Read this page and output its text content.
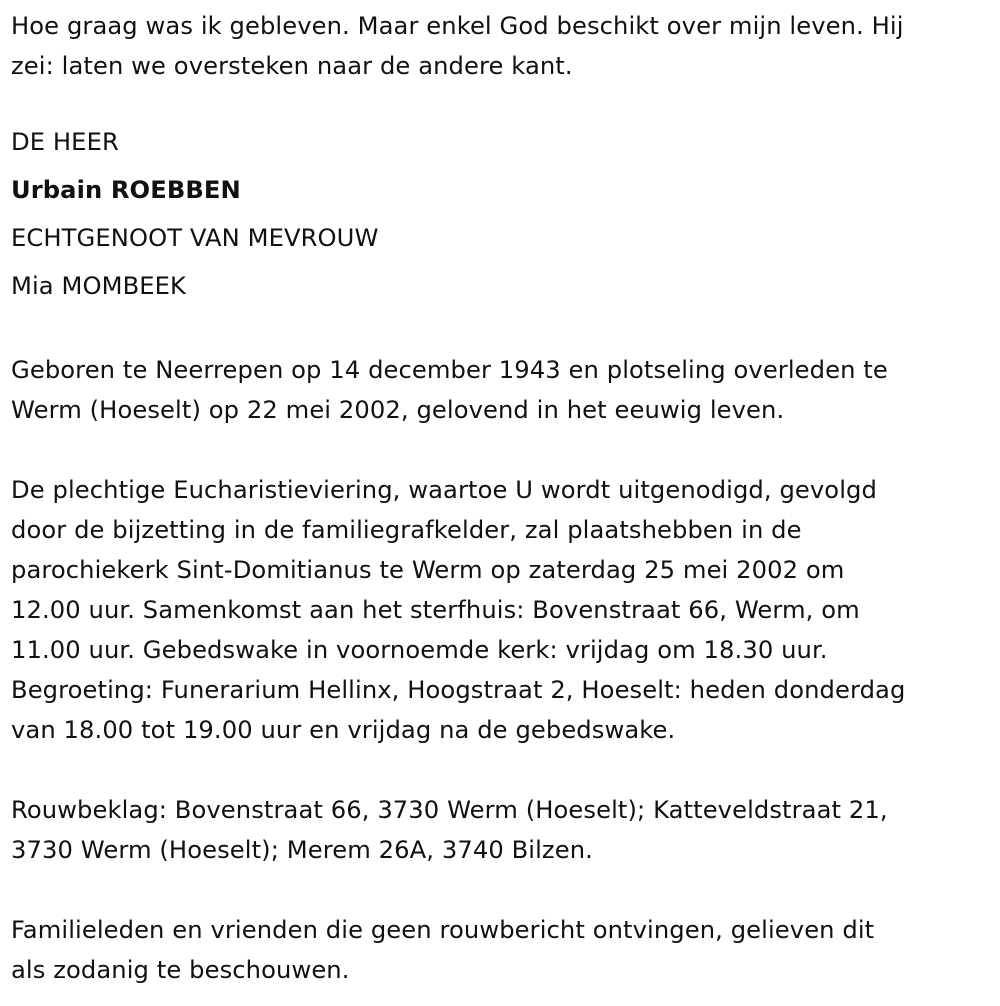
Hoe graag was ik gebleven. Maar enkel God beschikt over mijn leven. Hij
zei: laten we oversteken naar de andere kant.

DE HEER
Urbain ROEBBEN
ECHTGENOOT VAN MEVROUW
Mia MOMBEEK

Geboren te Neerrepen op 14 december 1943 en plotseling overleden te
Werm (Hoeselt) op 22 mei 2002, gelovend in het eeuwig leven.

De plechtige Eucharistieviering, waartoe U wordt uitgenodigd, gevolgd
door de bijzetting in de familiegrafkelder, zal plaatshebben in de
parochiekerk Sint-Domitianus te Werm op zaterdag 25 mei 2002 om
12.00 uur. Samenkomst aan het sterfhuis: Bovenstraat 66, Werm, om
11.00 uur. Gebedswake in voornoemde kerk: vrijdag om 18.30 uur.
Begroeting: Funerarium Hellinx, Hoogstraat 2, Hoeselt: heden donderdag
van 18.00 tot 19.00 uur en vrijdag na de gebedswake.

Rouwbeklag: Bovenstraat 66, 3730 Werm (Hoeselt); Katteveldstraat 21,
3730 Werm (Hoeselt); Merem 26A, 3740 Bilzen.

Familieleden en vrienden die geen rouwbericht ontvingen, gelieven dit
als zodanig te beschouwen.
